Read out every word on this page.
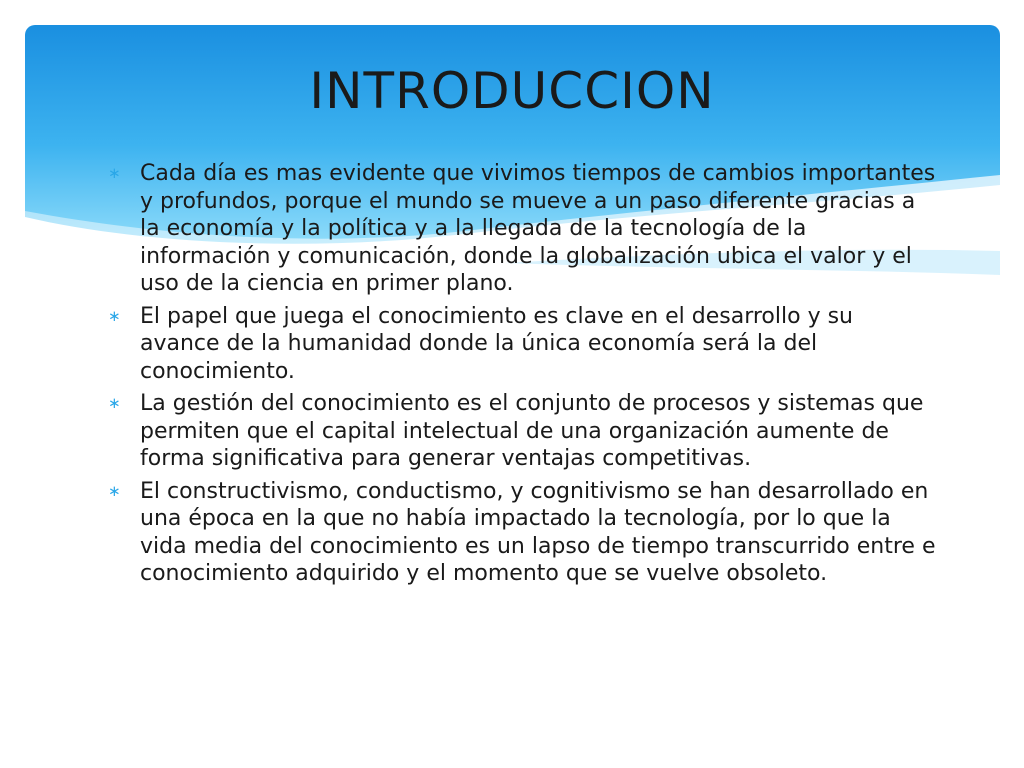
INTRODUCCION
∗ Cada día es mas evidente que vivimos tiempos de cambios importantes y profundos, porque el mundo se mueve a un paso diferente gracias a la economía y la política y a la llegada de la tecnología de la información y comunicación, donde la globalización ubica el valor y el uso de la ciencia en primer plano.
∗ El papel que juega el conocimiento es clave en el desarrollo y su avance de la humanidad donde la única economía será la del conocimiento.
∗ La gestión del conocimiento es el conjunto de procesos y sistemas que permiten que el capital intelectual de una organización aumente de forma significativa para generar ventajas competitivas.
∗ El constructivismo, conductismo, y cognitivismo se han desarrollado en una época en la que no había impactado la tecnología, por lo que la vida media del conocimiento es un lapso de tiempo transcurrido entre e conocimiento adquirido y el momento que se vuelve obsoleto.
